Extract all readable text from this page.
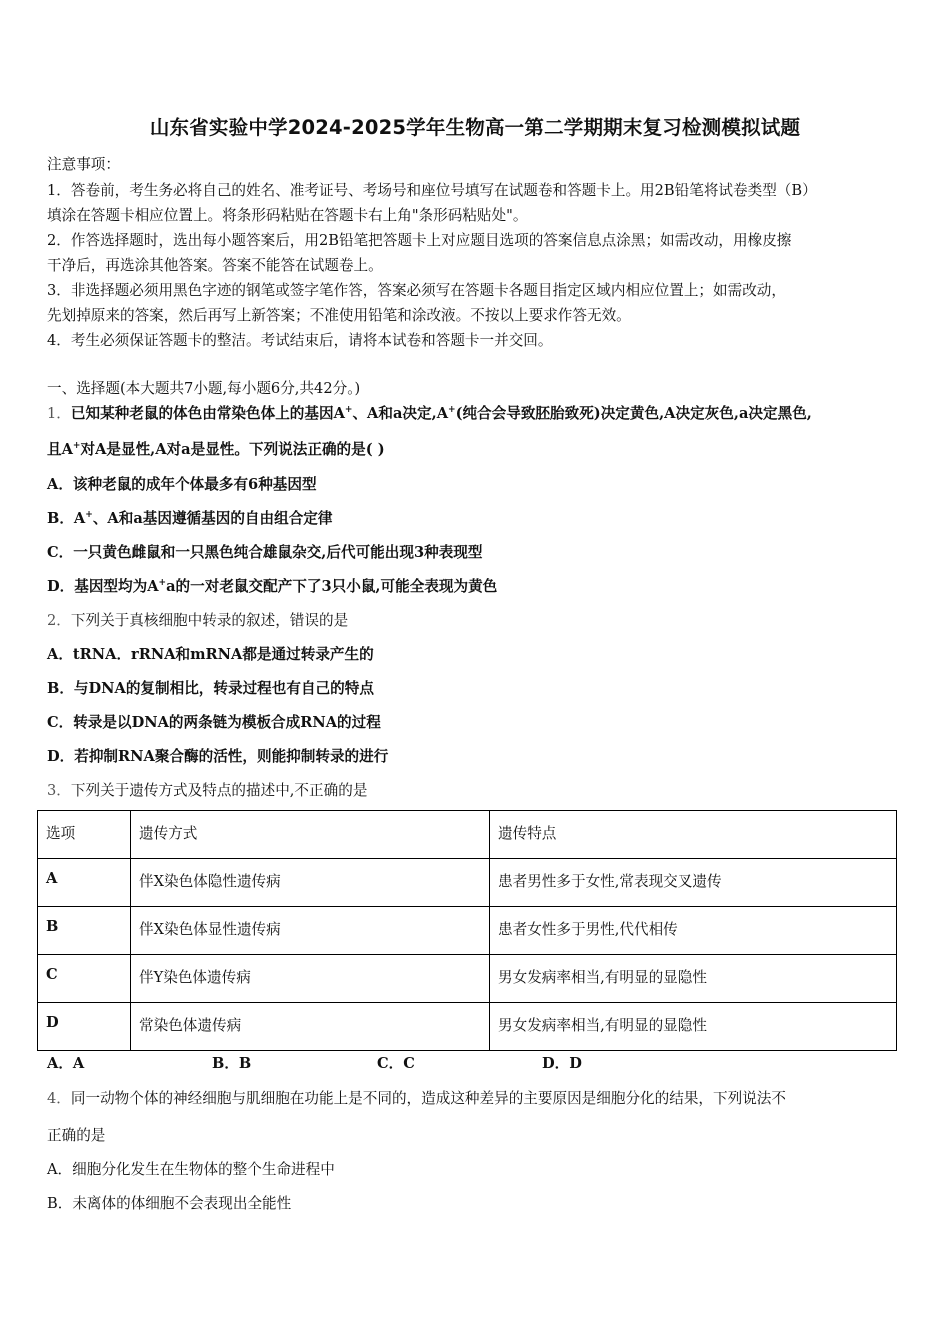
山东省实验中学2024-2025学年生物高一第二学期期末复习检测模拟试题
注意事项：
1．答卷前，考生务必将自己的姓名、准考证号、考场号和座位号填写在试题卷和答题卡上。用2B铅笔将试卷类型（B）
填涂在答题卡相应位置上。将条形码粘贴在答题卡右上角"条形码粘贴处"。
2．作答选择题时，选出每小题答案后，用2B铅笔把答题卡上对应题目选项的答案信息点涂黑；如需改动，用橡皮擦
干净后，再选涂其他答案。答案不能答在试题卷上。
3．非选择题必须用黑色字迹的钢笔或签字笔作答，答案必须写在答题卡各题目指定区域内相应位置上；如需改动，
先划掉原来的答案，然后再写上新答案；不准使用铅笔和涂改液。不按以上要求作答无效。
4．考生必须保证答题卡的整洁。考试结束后，请将本试卷和答题卡一并交回。
一、选择题(本大题共7小题,每小题6分,共42分。)
1．已知某种老鼠的体色由常染色体上的基因A+、A和a决定,A+(纯合会导致胚胎致死)决定黄色,A决定灰色,a决定黑色,
且A+对A是显性,A对a是显性。下列说法正确的是( )
A．该种老鼠的成年个体最多有6种基因型
B．A+、A和a基因遵循基因的自由组合定律
C．一只黄色雌鼠和一只黑色纯合雄鼠杂交,后代可能出现3种表现型
D．基因型均为A+a的一对老鼠交配产下了3只小鼠,可能全表现为黄色
2．下列关于真核细胞中转录的叙述，错误的是
A．tRNA．rRNA和mRNA都是通过转录产生的
B．与DNA的复制相比，转录过程也有自己的特点
C．转录是以DNA的两条链为模板合成RNA的过程
D．若抑制RNA聚合酶的活性，则能抑制转录的进行
3．下列关于遗传方式及特点的描述中,不正确的是
选项	遗传方式	遗传特点

A	伴X染色体隐性遗传病	患者男性多于女性,常表现交叉遗传

B	伴X染色体显性遗传病	患者女性多于男性,代代相传

C	伴Y染色体遗传病	男女发病率相当,有明显的显隐性

D	常染色体遗传病	男女发病率相当,有明显的显隐性
A．A	B．B	C．C	D．D
4．同一动物个体的神经细胞与肌细胞在功能上是不同的，造成这种差异的主要原因是细胞分化的结果，下列说法不
正确的是
A．细胞分化发生在生物体的整个生命进程中
B．未离体的体细胞不会表现出全能性
